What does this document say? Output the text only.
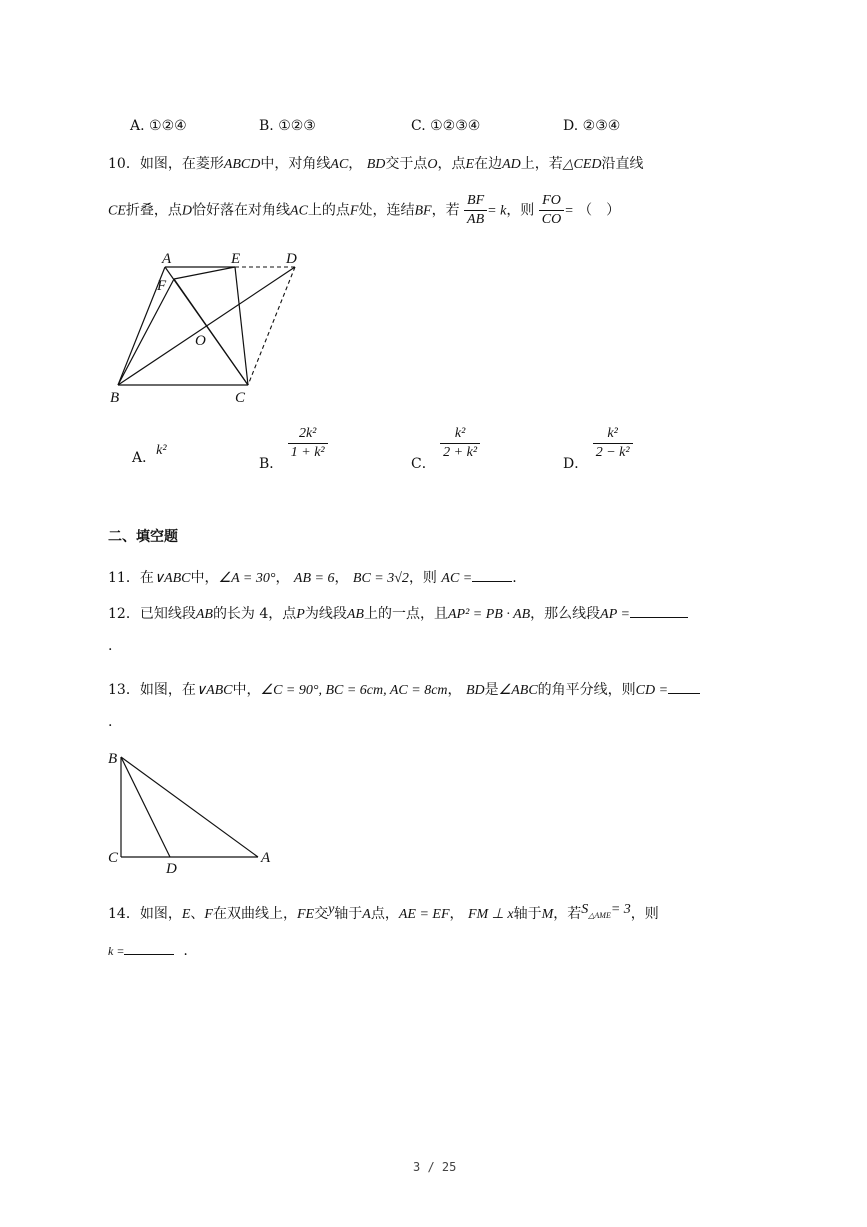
A. ①②④	B. ①②③	C. ①②③④	D. ②③④
10．如图，在菱形ABCD中，对角线AC， BD交于点O，点E在边AD上，若△CED沿直线
CE折叠，点D恰好落在对角线AC上的点F处，连结BF，若 $\frac{BF}{AB} = k$，则 $\frac{FO}{CO}$ = （　）
A	E	D
F
O
B	C
A．k²
B．
$\frac{\text{2k²}}{\text{1 + k²}}$
C．
$\frac{\text{k²}}{\text{2 + k²}}$
D．
$\frac{\text{k²}}{\text{2 − k²}}$
二、填空题
11．在∨ABC中，∠A = 30°， AB = 6， BC = 3√2，则 AC =	.
12．已知线段AB的长为 4，点P为线段AB上的一点，且AP² = PB · AB，那么线段AP =
.
13．如图，在∨ABC中，∠C = 90°, BC = 6cm, AC = 8cm， BD是∠ABC的角平分线，则CD =
.
B
C
D
A
14．如图，E、F在双曲线上，FE交y轴于A点，AE = EF， FM ⊥ x轴于M，若S△AME= 3，则
k =	.
3 / 25
